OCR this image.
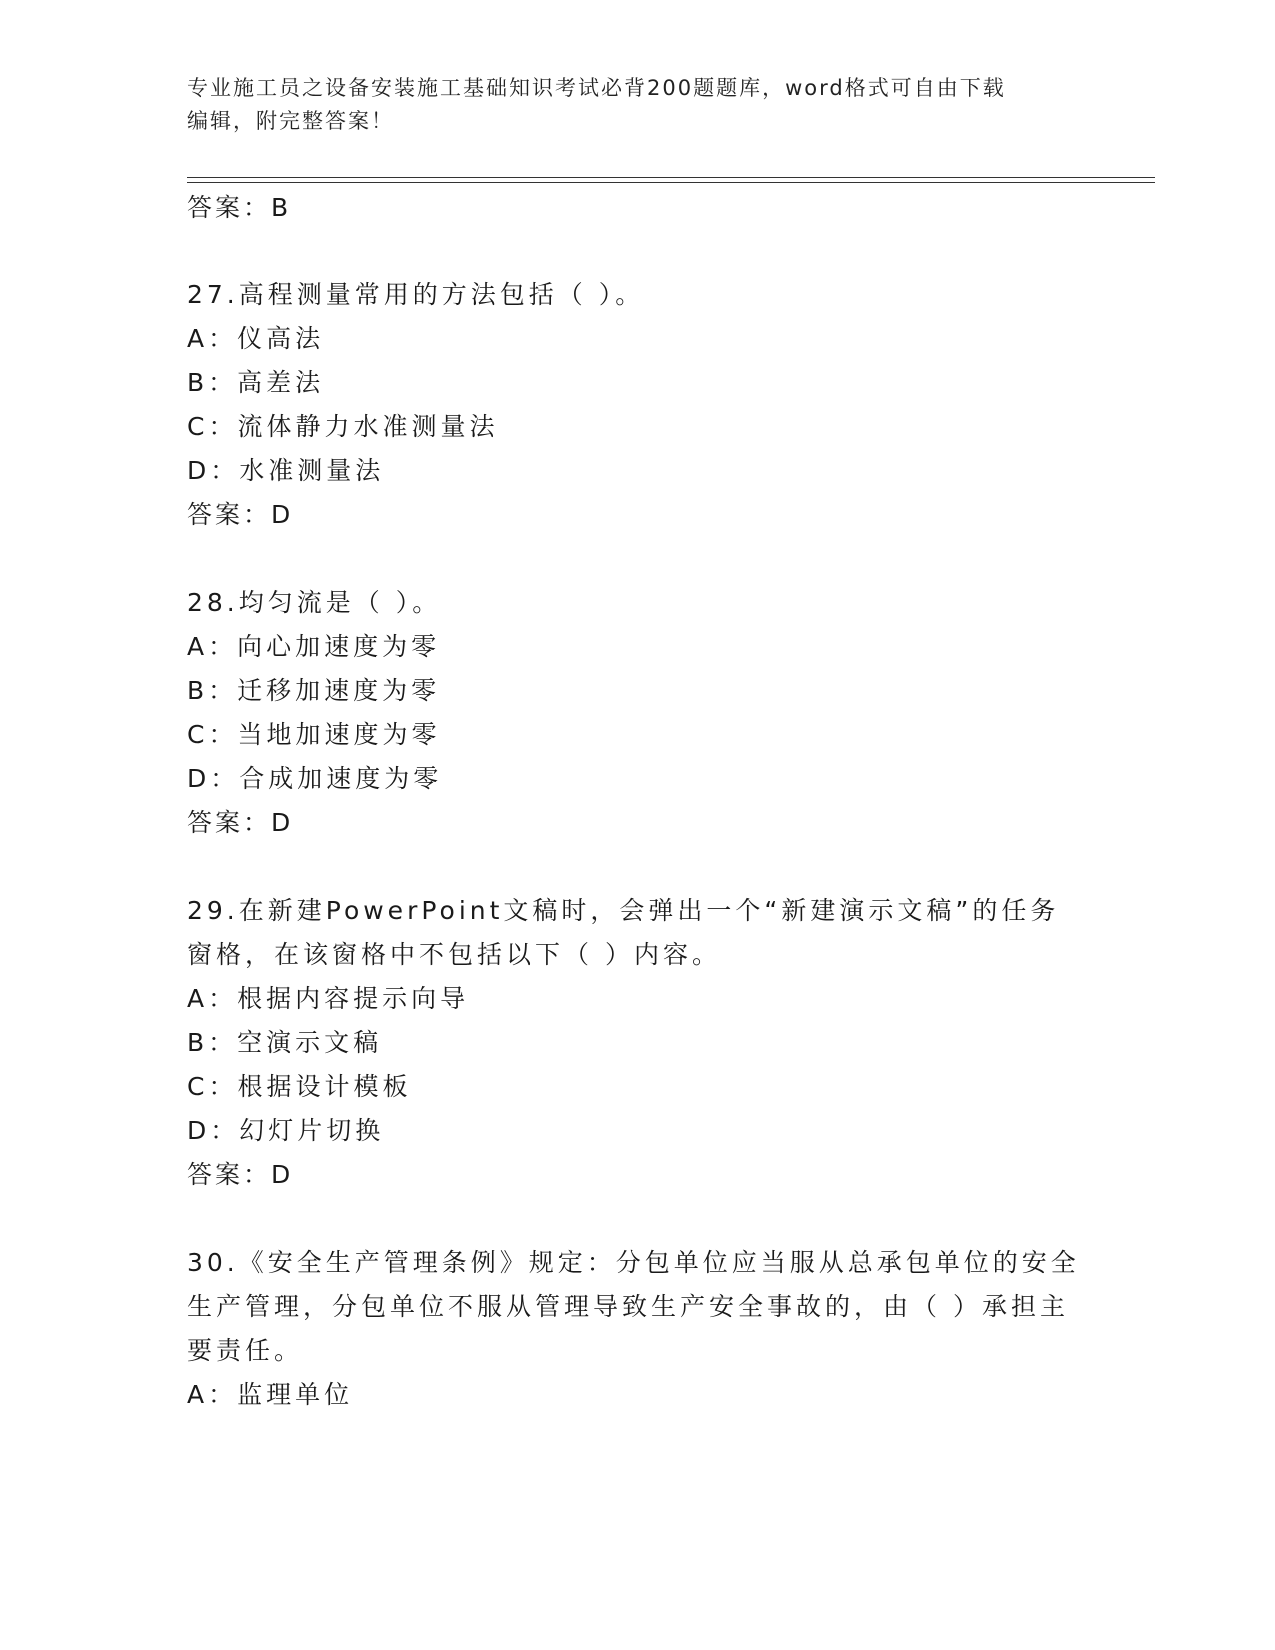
专业施工员之设备安装施工基础知识考试必背200题题库，word格式可自由下载
编辑，附完整答案！
答案：B
27.高程测量常用的方法包括（ ）。
A：仪高法
B：高差法
C：流体静力水准测量法
D：水准测量法
答案：D
28.均匀流是（ ）。
A：向心加速度为零
B：迁移加速度为零
C：当地加速度为零
D：合成加速度为零
答案：D
29.在新建PowerPoint文稿时，会弹出一个“新建演示文稿”的任务
窗格，在该窗格中不包括以下（ ）内容。
A：根据内容提示向导
B：空演示文稿
C：根据设计模板
D：幻灯片切换
答案：D
30.《安全生产管理条例》规定：分包单位应当服从总承包单位的安全
生产管理，分包单位不服从管理导致生产安全事故的，由（ ）承担主
要责任。
A：监理单位
